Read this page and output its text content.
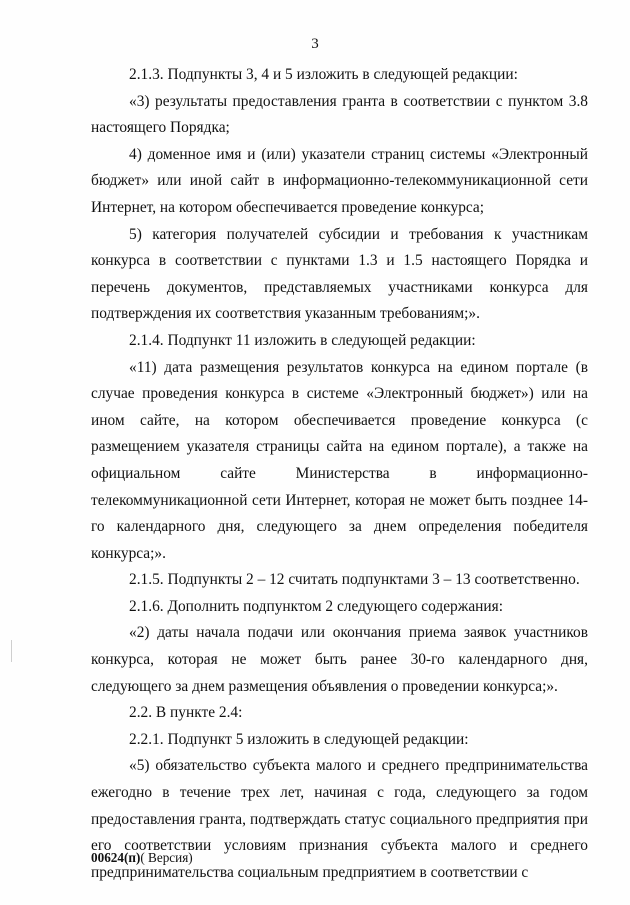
3

2.1.3. Подпункты 3, 4 и 5 изложить в следующей редакции:

«3) результаты предоставления гранта в соответствии с пунктом 3.8 настоящего Порядка;

4) доменное имя и (или) указатели страниц системы «Электронный бюджет» или иной сайт в информационно-телекоммуникационной сети Интернет, на котором обеспечивается проведение конкурса;

5) категория получателей субсидии и требования к участникам конкурса в соответствии с пунктами 1.3 и 1.5 настоящего Порядка и перечень документов, представляемых участниками конкурса для подтверждения их соответствия указанным требованиям;».

2.1.4. Подпункт 11 изложить в следующей редакции:

«11) дата размещения результатов конкурса на едином портале (в случае проведения конкурса в системе «Электронный бюджет») или на ином сайте, на котором обеспечивается проведение конкурса (с размещением указателя страницы сайта на едином портале), а также на официальном сайте Министерства в информационно-телекоммуникационной сети Интернет, которая не может быть позднее 14-го календарного дня, следующего за днем определения победителя конкурса;».

2.1.5. Подпункты 2 – 12 считать подпунктами 3 – 13 соответственно.

2.1.6. Дополнить подпунктом 2 следующего содержания:

«2) даты начала подачи или окончания приема заявок участников конкурса, которая не может быть ранее 30-го календарного дня, следующего за днем размещения объявления о проведении конкурса;».

2.2. В пункте 2.4:

2.2.1. Подпункт 5 изложить в следующей редакции:

«5) обязательство субъекта малого и среднего предпринимательства ежегодно в течение трех лет, начиная с года, следующего за годом предоставления гранта, подтверждать статус социального предприятия при его соответствии условиям признания субъекта малого и среднего предпринимательства социальным предприятием в соответствии с

00624(п)( Версия)
